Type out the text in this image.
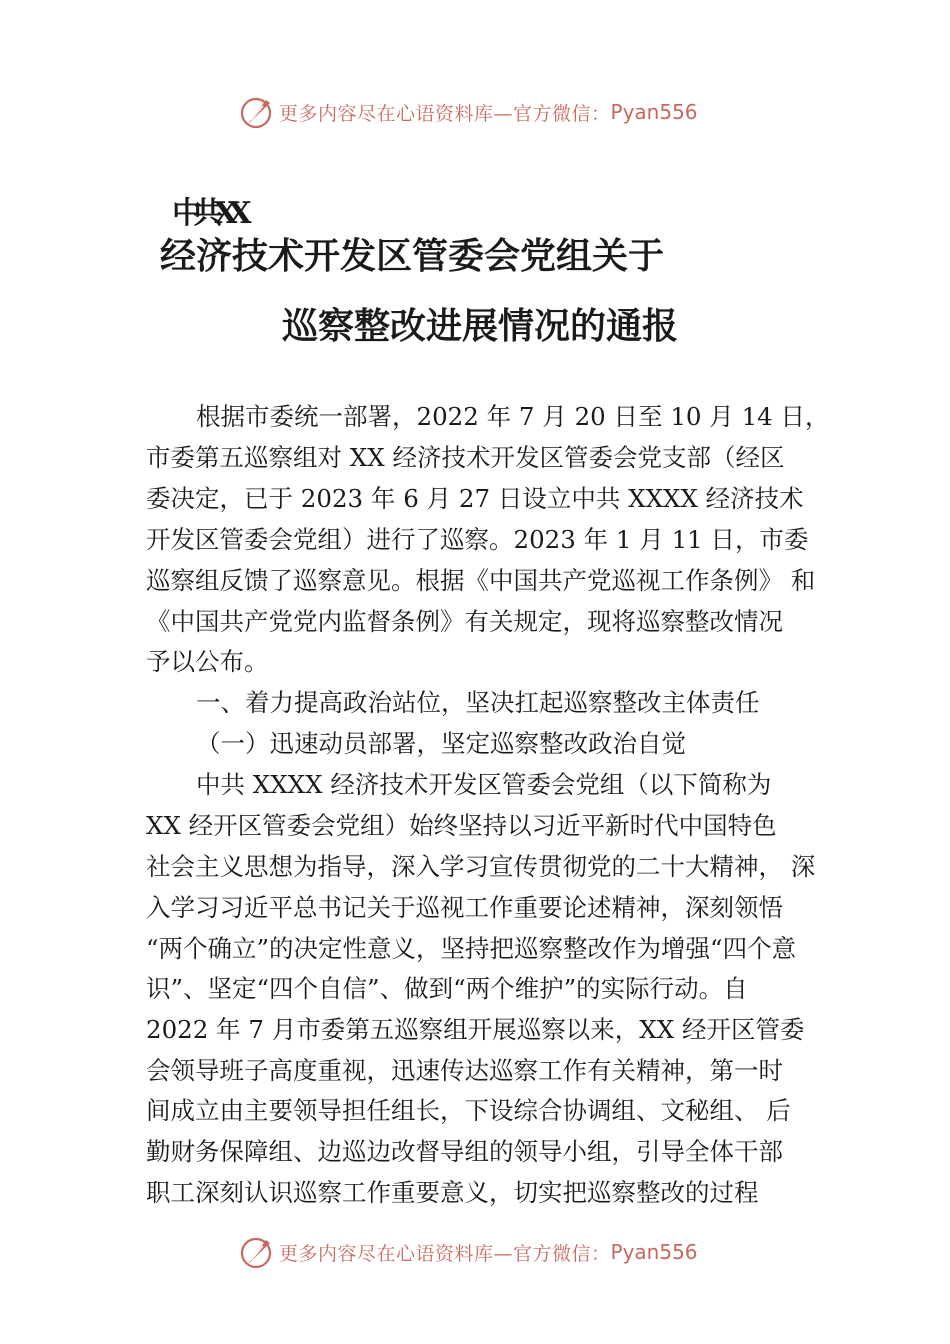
更多内容尽在心语资料库—官方微信： Pyan556
中共XX
经济技术开发区管委会党组关于
巡察整改进展情况的通报
根据市委统一部署，2022 年 7 月 20 日至 10 月 14 日，
市委第五巡察组对 XX 经济技术开发区管委会党支部（经区
委决定，已于 2023 年 6 月 27 日设立中共 XXXX 经济技术
开发区管委会党组）进行了巡察。2023 年 1 月 11 日，市委
巡察组反馈了巡察意见。根据《中国共产党巡视工作条例》 和
《中国共产党党内监督条例》有关规定，现将巡察整改情况
予以公布。
一、着力提高政治站位，坚决扛起巡察整改主体责任
（一）迅速动员部署，坚定巡察整改政治自觉
中共 XXXX 经济技术开发区管委会党组（以下简称为
XX 经开区管委会党组）始终坚持以习近平新时代中国特色
社会主义思想为指导，深入学习宣传贯彻党的二十大精神， 深
入学习习近平总书记关于巡视工作重要论述精神，深刻领悟
“两个确立”的决定性意义，坚持把巡察整改作为增强“四个意
识”、坚定“四个自信”、做到“两个维护”的实际行动。自
2022 年 7 月市委第五巡察组开展巡察以来，XX 经开区管委
会领导班子高度重视，迅速传达巡察工作有关精神，第一时
间成立由主要领导担任组长，下设综合协调组、文秘组、 后
勤财务保障组、边巡边改督导组的领导小组，引导全体干部
职工深刻认识巡察工作重要意义，切实把巡察整改的过程
更多内容尽在心语资料库—官方微信： Pyan556
